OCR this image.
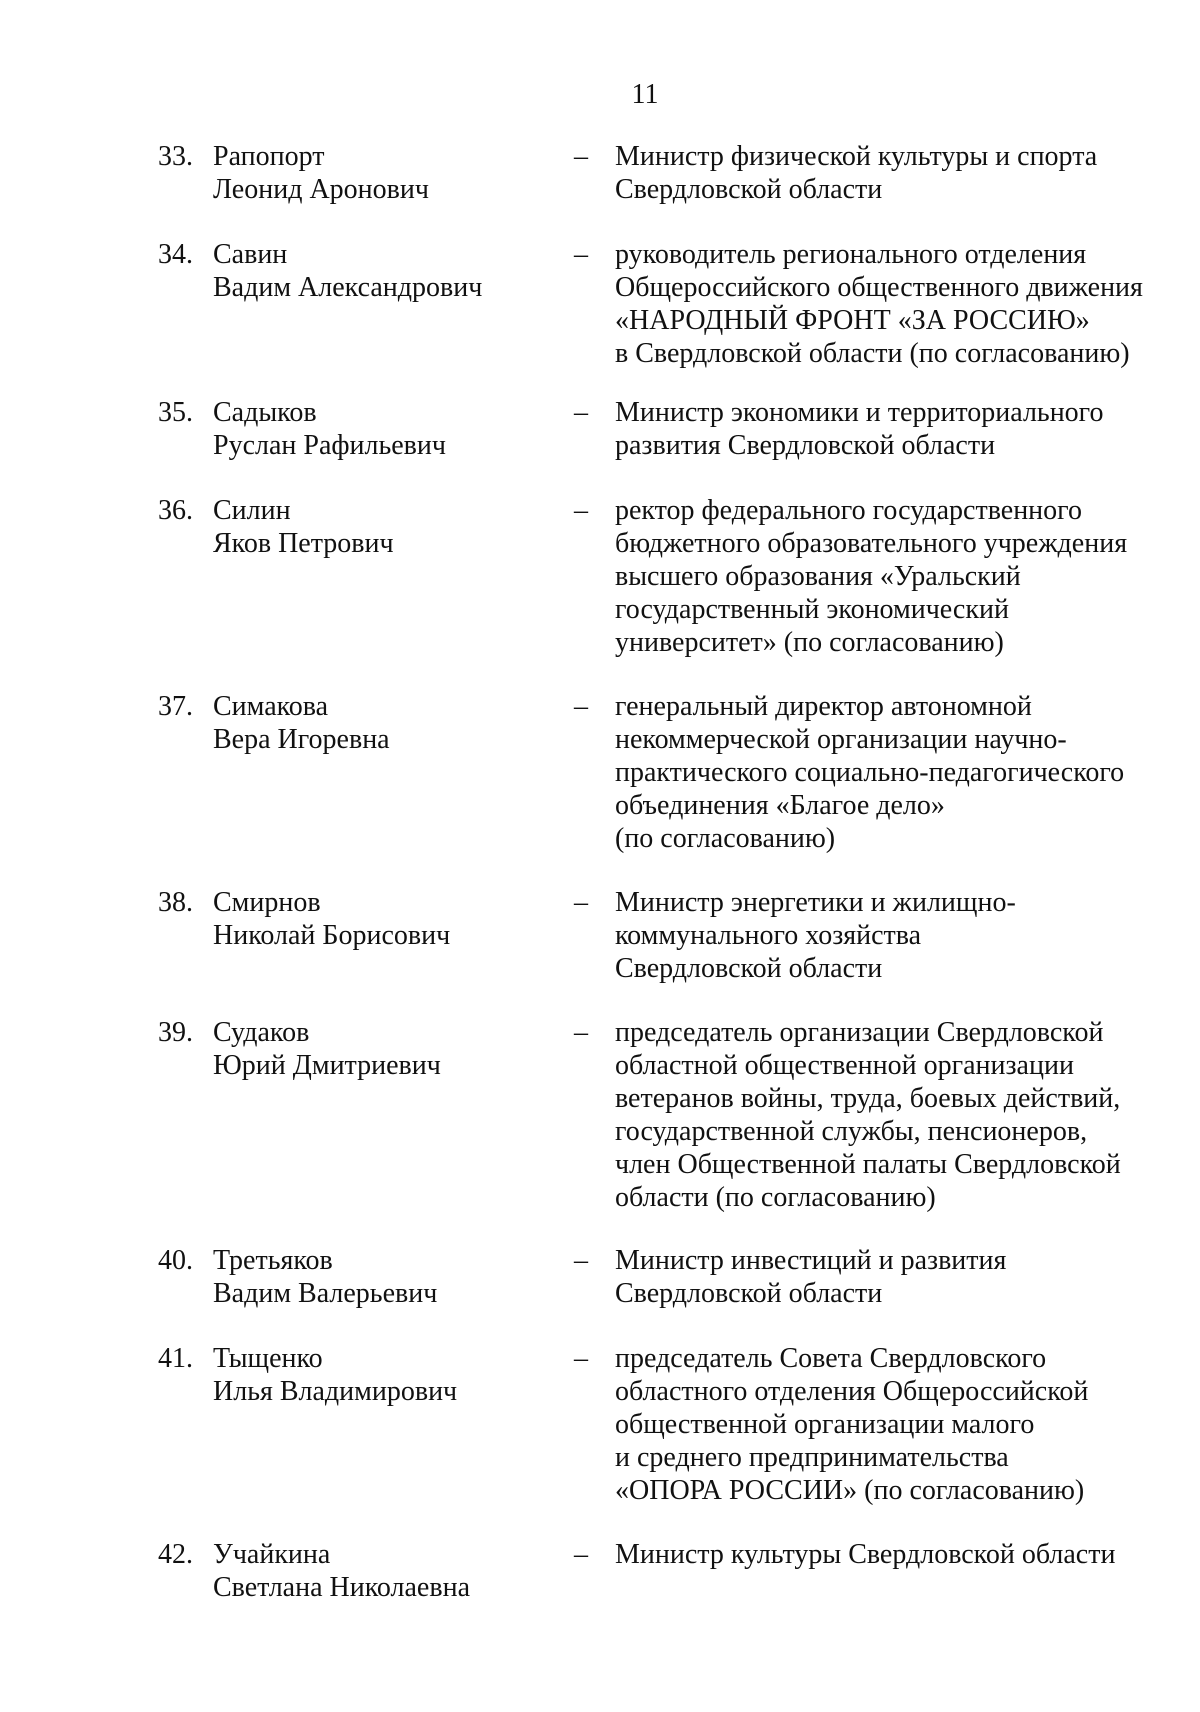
11
33. Рапопорт
Леонид Аронович
– Министр физической культуры и спорта
Свердловской области
34. Савин
Вадим Александрович
– руководитель регионального отделения
Общероссийского общественного движения
«НАРОДНЫЙ ФРОНТ «ЗА РОССИЮ»
в Свердловской области (по согласованию)
35. Садыков
Руслан Рафильевич
– Министр экономики и территориального
развития Свердловской области
36. Силин
Яков Петрович
– ректор федерального государственного
бюджетного образовательного учреждения
высшего образования «Уральский
государственный экономический
университет» (по согласованию)
37. Симакова
Вера Игоревна
– генеральный директор автономной
некоммерческой организации научно-
практического социально-педагогического
объединения «Благое дело»
(по согласованию)
38. Смирнов
Николай Борисович
– Министр энергетики и жилищно-
коммунального хозяйства
Свердловской области
39. Судаков
Юрий Дмитриевич
– председатель организации Свердловской
областной общественной организации
ветеранов войны, труда, боевых действий,
государственной службы, пенсионеров,
член Общественной палаты Свердловской
области (по согласованию)
40. Третьяков
Вадим Валерьевич
– Министр инвестиций и развития
Свердловской области
41. Тыщенко
Илья Владимирович
– председатель Совета Свердловского
областного отделения Общероссийской
общественной организации малого
и среднего предпринимательства
«ОПОРА РОССИИ» (по согласованию)
42. Учайкина
Светлана Николаевна
– Министр культуры Свердловской области
